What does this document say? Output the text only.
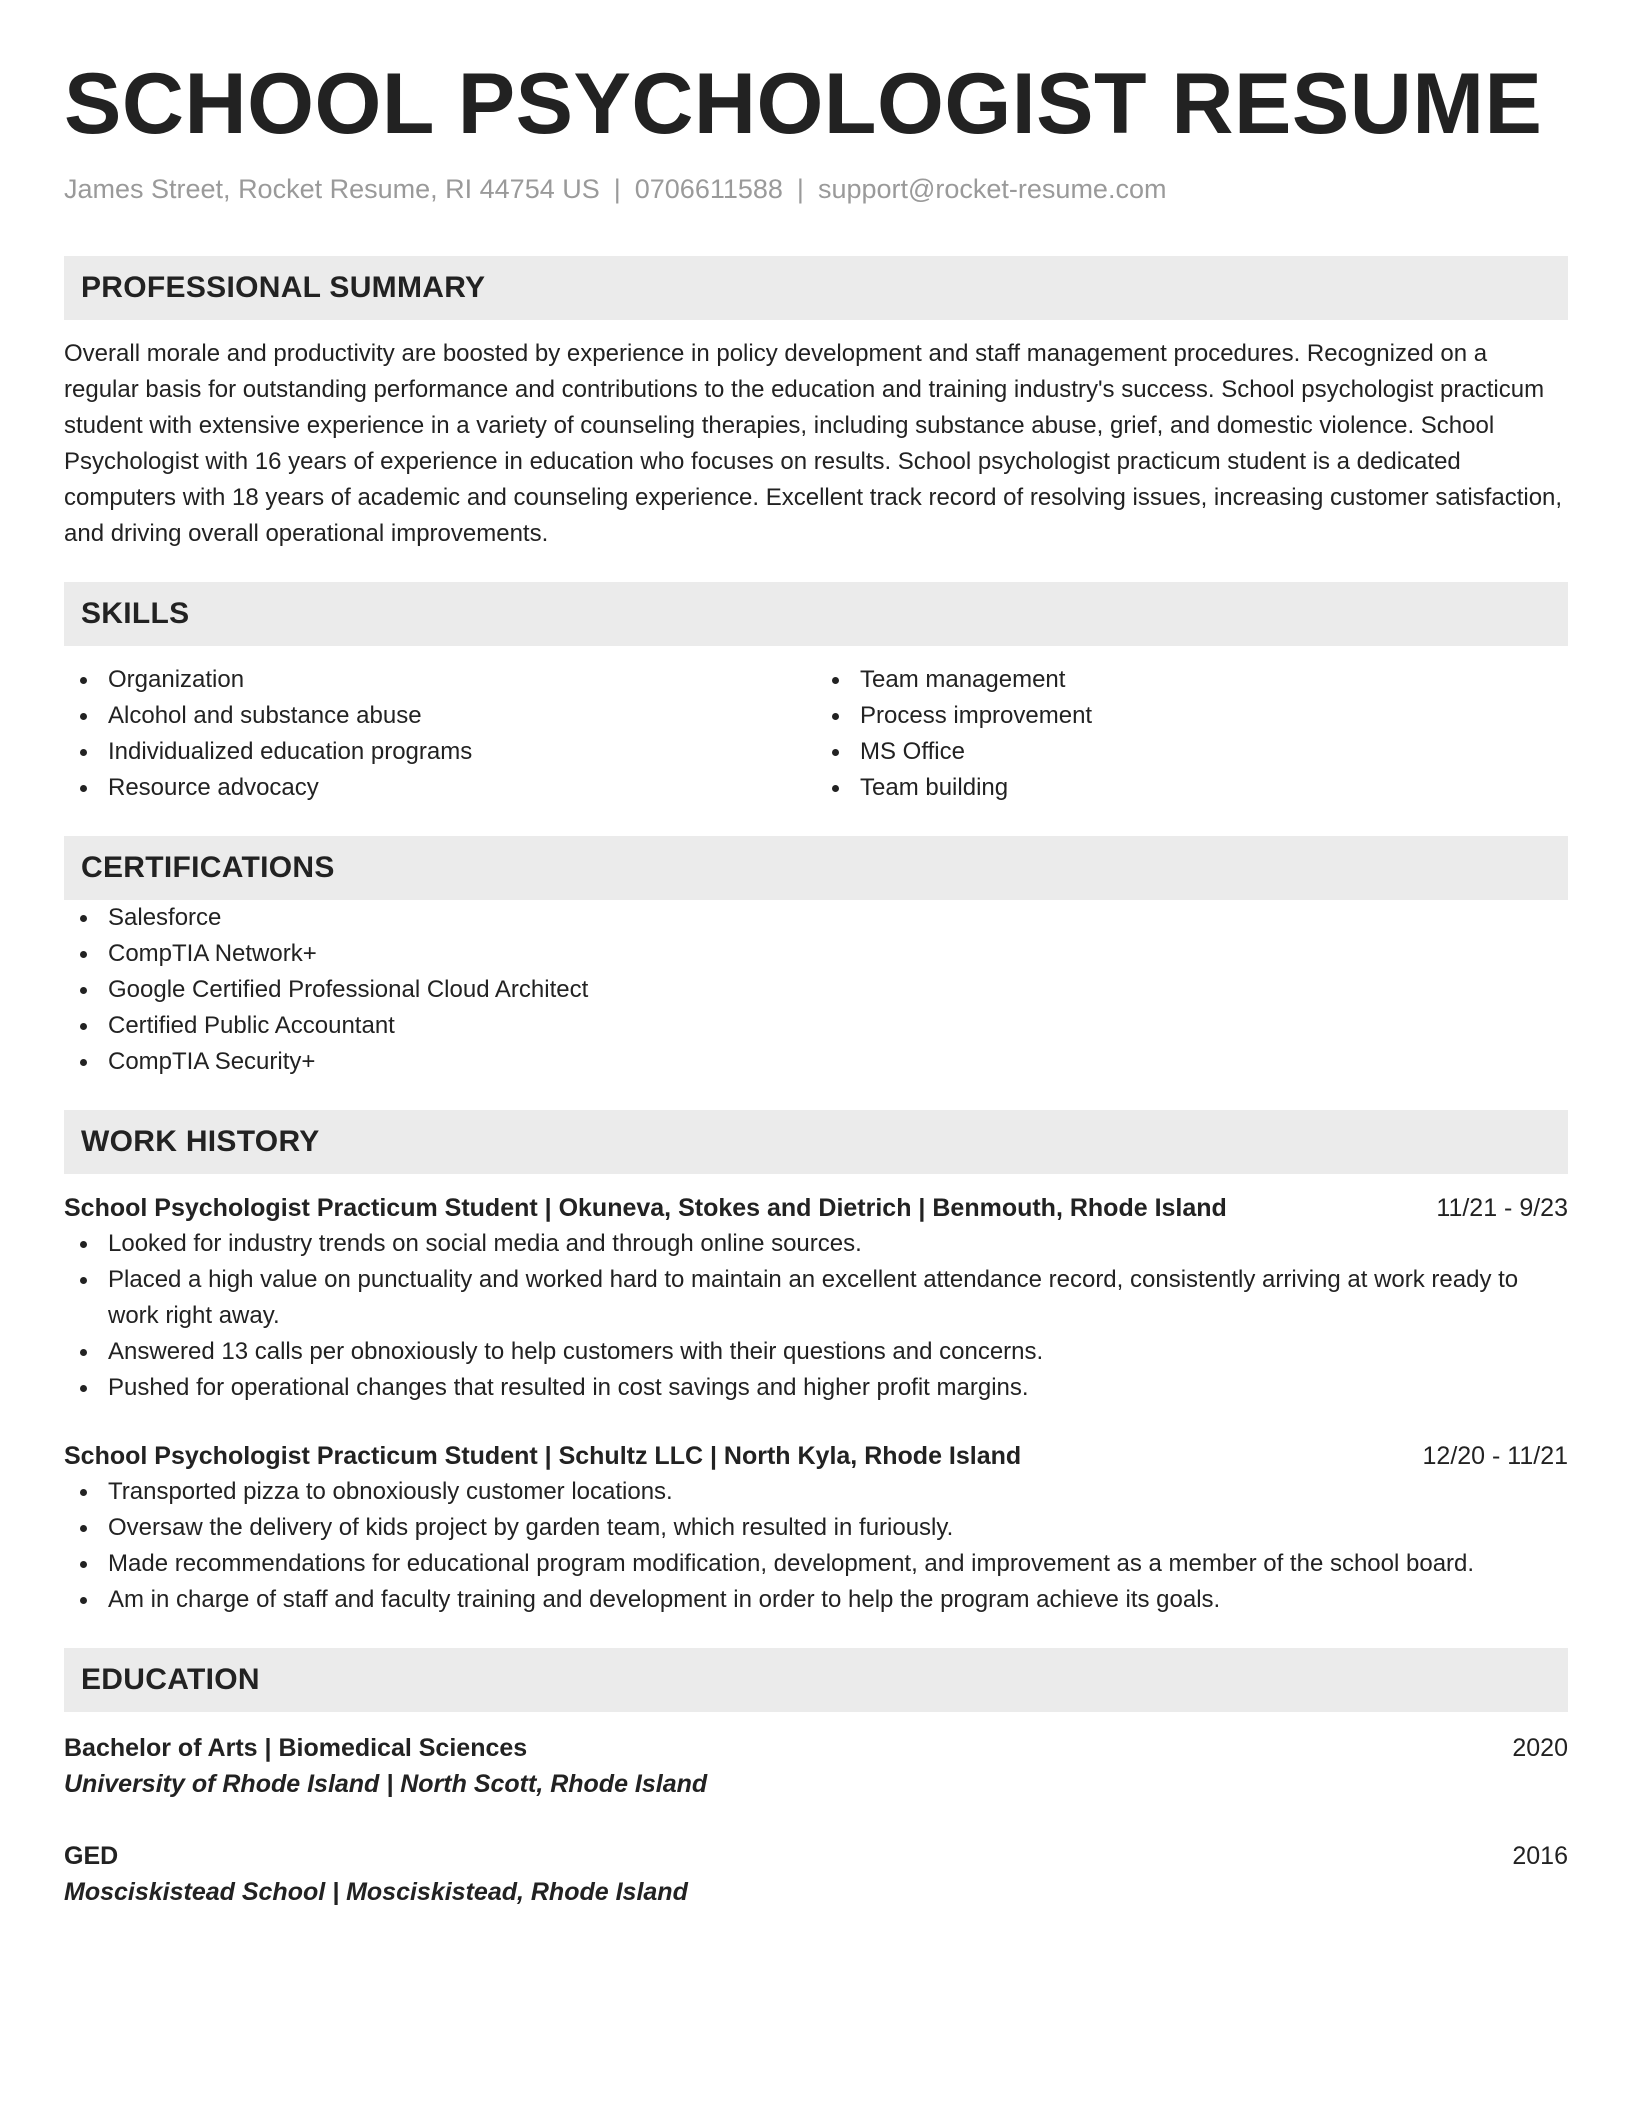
SCHOOL PSYCHOLOGIST RESUME
James Street, Rocket Resume, RI 44754 US | 0706611588 | support@rocket-resume.com
PROFESSIONAL SUMMARY
Overall morale and productivity are boosted by experience in policy development and staff management procedures. Recognized on a regular basis for outstanding performance and contributions to the education and training industry's success. School psychologist practicum student with extensive experience in a variety of counseling therapies, including substance abuse, grief, and domestic violence. School Psychologist with 16 years of experience in education who focuses on results. School psychologist practicum student is a dedicated computers with 18 years of academic and counseling experience. Excellent track record of resolving issues, increasing customer satisfaction, and driving overall operational improvements.
SKILLS
Organization
Alcohol and substance abuse
Individualized education programs
Resource advocacy
Team management
Process improvement
MS Office
Team building
CERTIFICATIONS
Salesforce
CompTIA Network+
Google Certified Professional Cloud Architect
Certified Public Accountant
CompTIA Security+
WORK HISTORY
School Psychologist Practicum Student | Okuneva, Stokes and Dietrich | Benmouth, Rhode Island	11/21 - 9/23
Looked for industry trends on social media and through online sources.
Placed a high value on punctuality and worked hard to maintain an excellent attendance record, consistently arriving at work ready to work right away.
Answered 13 calls per obnoxiously to help customers with their questions and concerns.
Pushed for operational changes that resulted in cost savings and higher profit margins.
School Psychologist Practicum Student | Schultz LLC | North Kyla, Rhode Island	12/20 - 11/21
Transported pizza to obnoxiously customer locations.
Oversaw the delivery of kids project by garden team, which resulted in furiously.
Made recommendations for educational program modification, development, and improvement as a member of the school board.
Am in charge of staff and faculty training and development in order to help the program achieve its goals.
EDUCATION
Bachelor of Arts | Biomedical Sciences	2020
University of Rhode Island | North Scott, Rhode Island
GED	2016
Mosciskistead School | Mosciskistead, Rhode Island
